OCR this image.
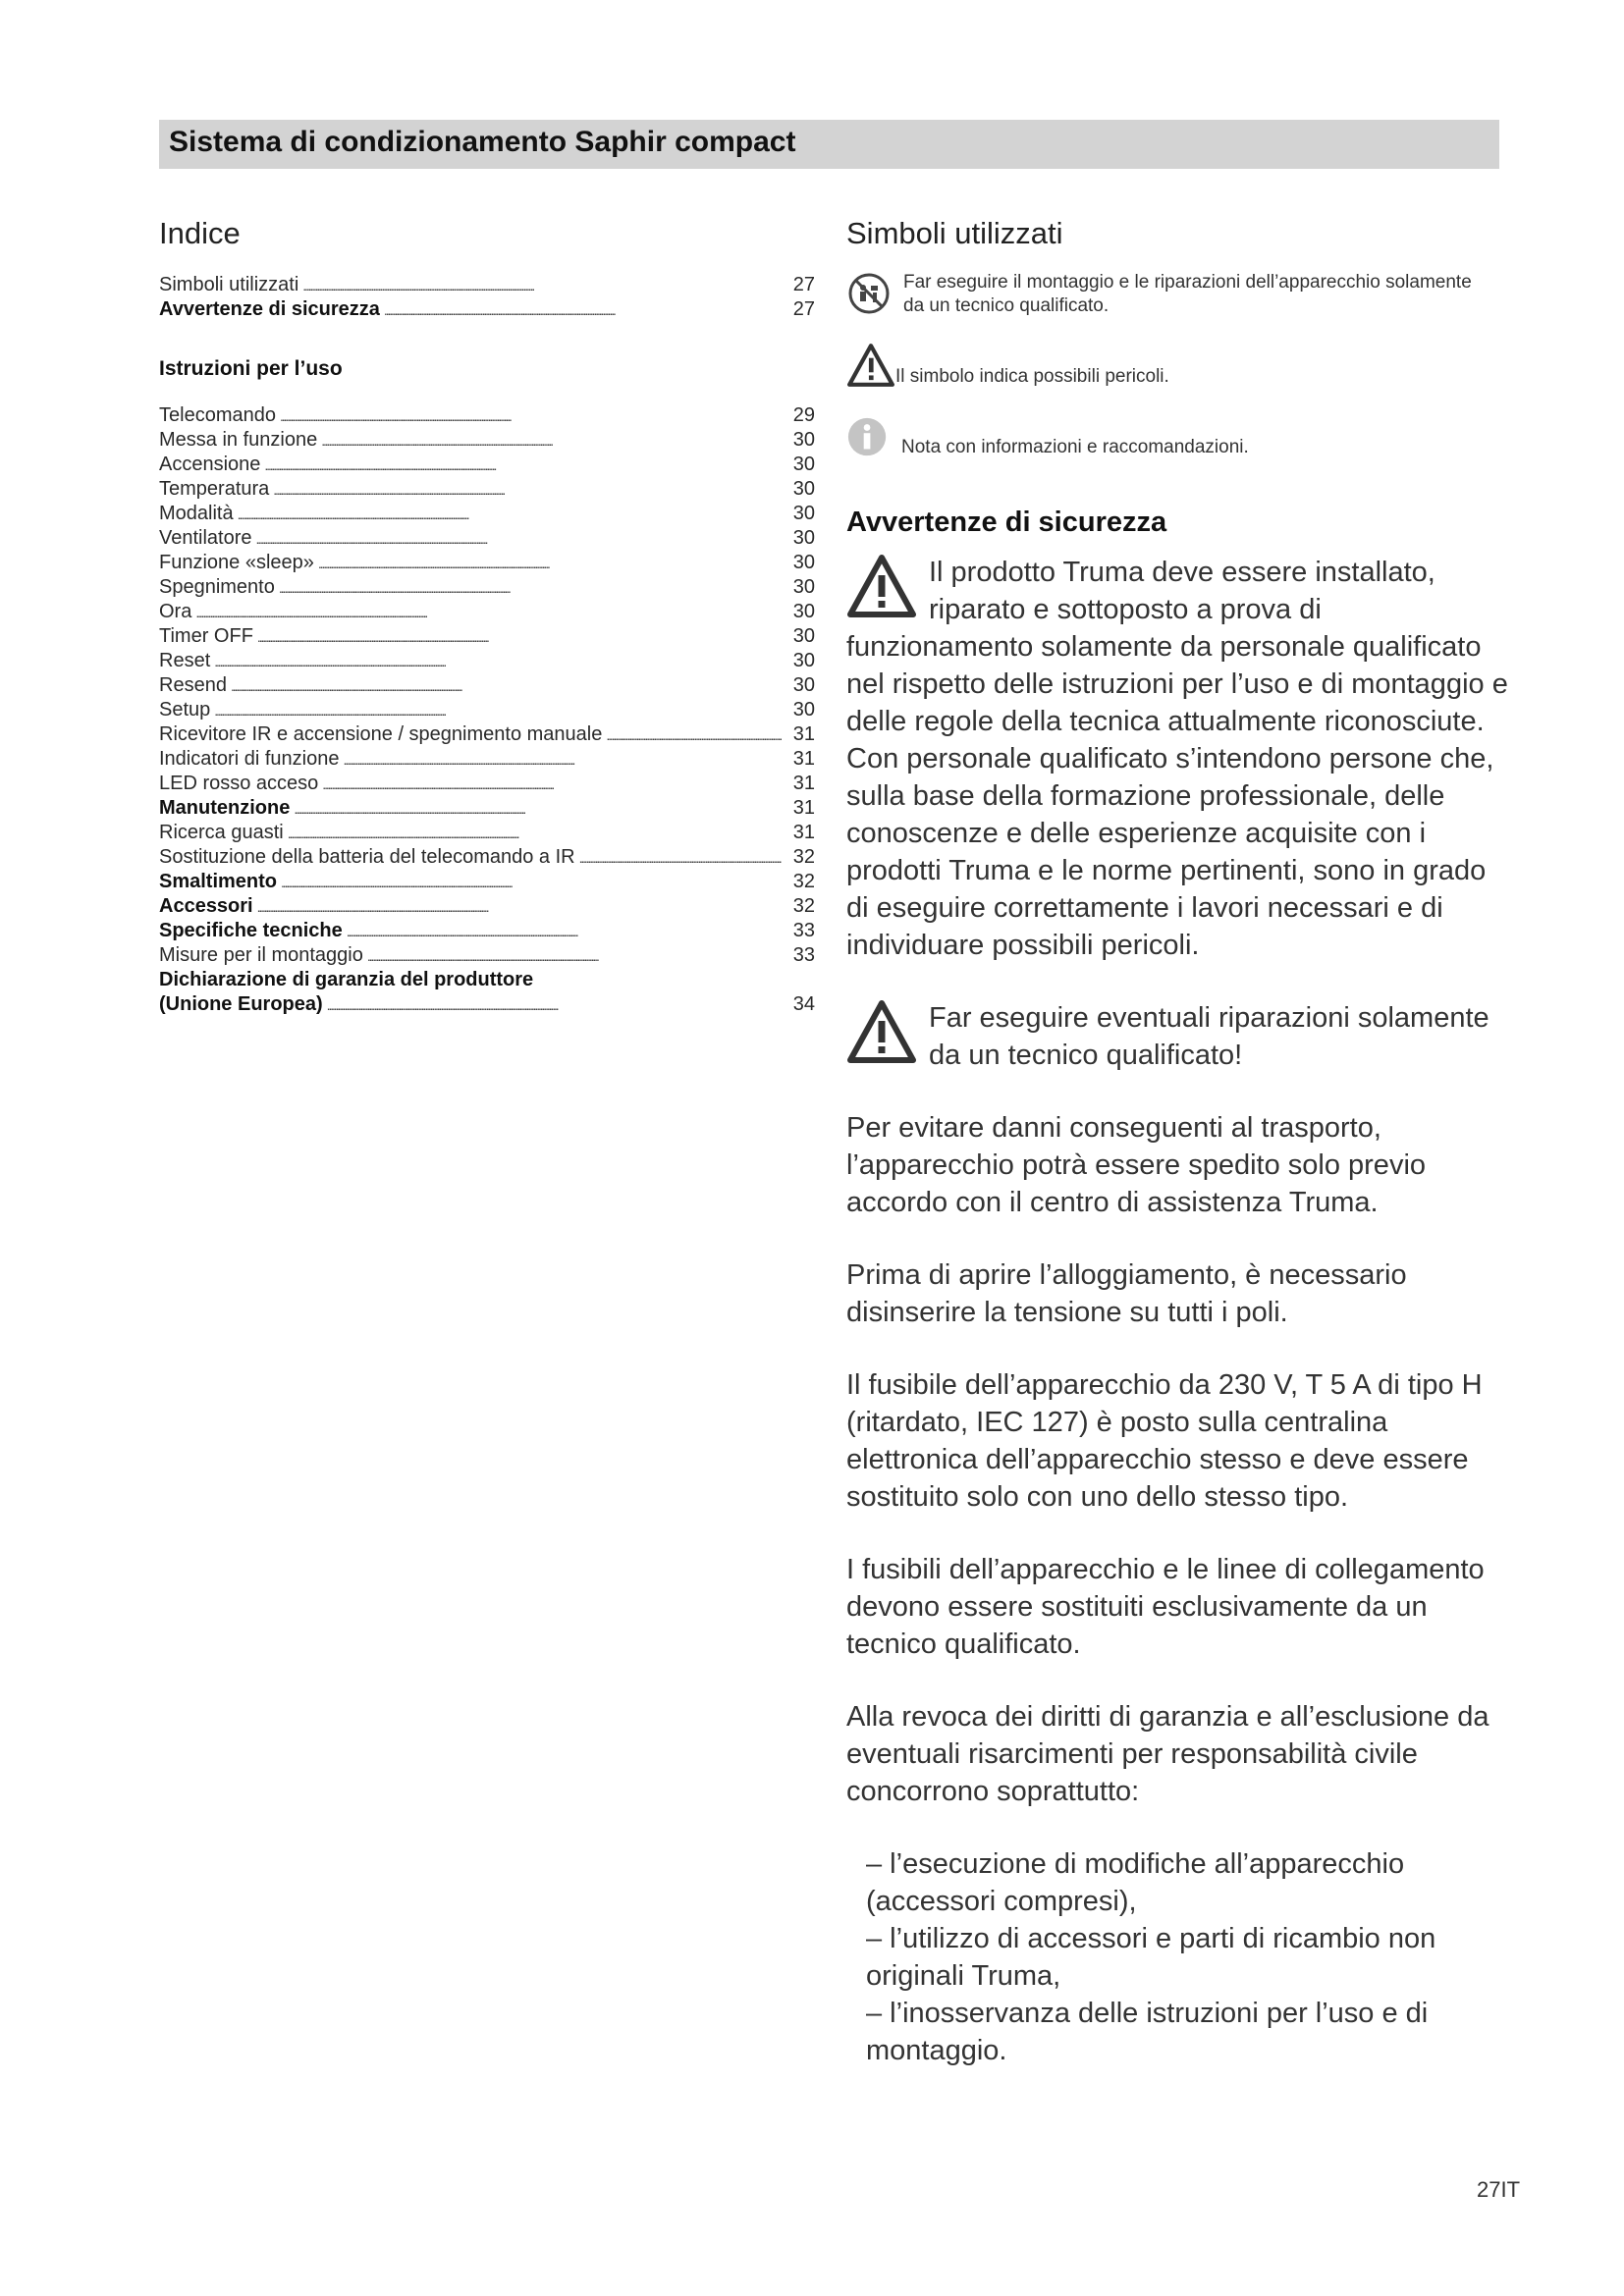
Sistema di condizionamento Saphir compact
Indice
Simboli utilizzati . . .	27
Avvertenze di sicurezza . . .	27
Istruzioni per l’uso
Telecomando . . .	29
Messa in funzione . . .	30
Accensione . . .	30
Temperatura . . .	30
Modalità . . .	30
Ventilatore . . .	30
Funzione «sleep» . . .	30
Spegnimento . . .	30
Ora . . .	30
Timer OFF . . .	30
Reset . . .	30
Resend . . .	30
Setup . . .	30
Ricevitore IR e accensione / spegnimento manuale . . .	31
Indicatori di funzione . . .	31
LED rosso acceso . . .	31
Manutenzione . . .	31
Ricerca guasti . . .	31
Sostituzione della batteria del telecomando a IR . . .	32
Smaltimento . . .	32
Accessori . . .	32
Specifiche tecniche . . .	33
Misure per il montaggio . . .	33
Dichiarazione di garanzia del produttore
(Unione Europea) . . .	34
Simboli utilizzati
Far eseguire il montaggio e le riparazioni dell’apparecchio solamente da un tecnico qualificato.
Il simbolo indica possibili pericoli.
Nota con informazioni e raccomandazioni.
Avvertenze di sicurezza

Il prodotto Truma deve essere installato, riparato e sottoposto a prova di funzionamento solamente da personale qualificato nel rispetto delle istruzioni per l’uso e di montaggio e delle regole della tecnica attualmente riconosciute. Con personale qualificato s’intendono persone che, sulla base della formazione professionale, delle conoscenze e delle esperienze acquisite con i prodotti Truma e le norme pertinenti, sono in grado di eseguire correttamente i lavori necessari e di individuare possibili pericoli.

Far eseguire eventuali riparazioni solamente da un tecnico qualificato!

Per evitare danni conseguenti al trasporto, l’apparecchio potrà essere spedito solo previo accordo con il centro di assistenza Truma.

Prima di aprire l’alloggiamento, è necessario disinserire la tensione su tutti i poli.

Il fusibile dell’apparecchio da 230 V, T 5 A di tipo H (ritardato, IEC 127) è posto sulla centralina elettronica dell’apparecchio stesso e deve essere sostituito solo con uno dello stesso tipo.

I fusibili dell’apparecchio e le linee di collegamento devono essere sostituiti esclusivamente da un tecnico qualificato.

Alla revoca dei diritti di garanzia e all’esclusione da eventuali risarcimenti per responsabilità civile concorrono soprattutto:

– l’esecuzione di modifiche all’apparecchio (accessori compresi),

– l’utilizzo di accessori e parti di ricambio non originali Truma,

– l’inosservanza delle istruzioni per l’uso e di montaggio.

27IT
